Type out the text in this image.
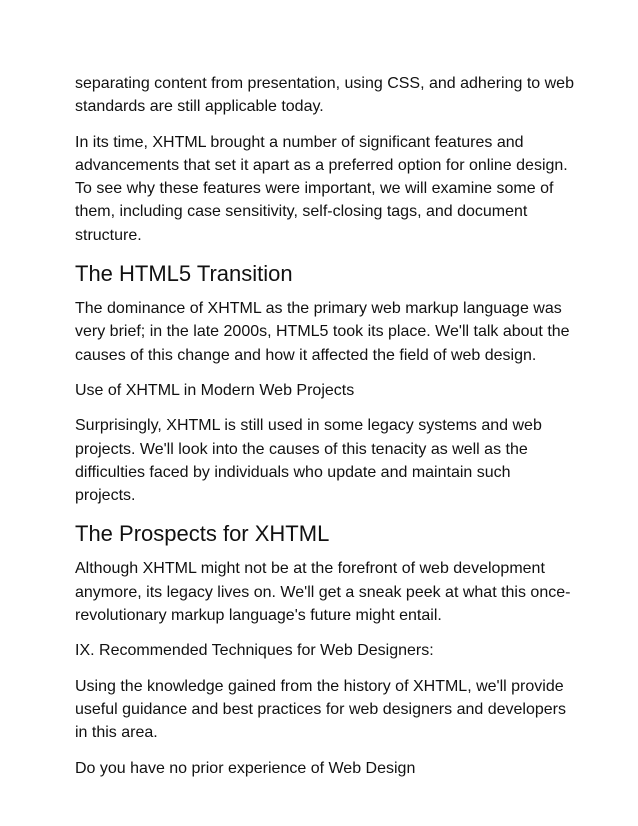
separating content from presentation, using CSS, and adhering to web standards are still applicable today.

In its time, XHTML brought a number of significant features and advancements that set it apart as a preferred option for online design. To see why these features were important, we will examine some of them, including case sensitivity, self-closing tags, and document structure.

The HTML5 Transition

The dominance of XHTML as the primary web markup language was very brief; in the late 2000s, HTML5 took its place. We'll talk about the causes of this change and how it affected the field of web design.

Use of XHTML in Modern Web Projects

Surprisingly, XHTML is still used in some legacy systems and web projects. We'll look into the causes of this tenacity as well as the difficulties faced by individuals who update and maintain such projects.

The Prospects for XHTML

Although XHTML might not be at the forefront of web development anymore, its legacy lives on. We'll get a sneak peek at what this once-revolutionary markup language's future might entail.

IX. Recommended Techniques for Web Designers:

Using the knowledge gained from the history of XHTML, we'll provide useful guidance and best practices for web designers and developers in this area.

Do you have no prior experience of Web Design
